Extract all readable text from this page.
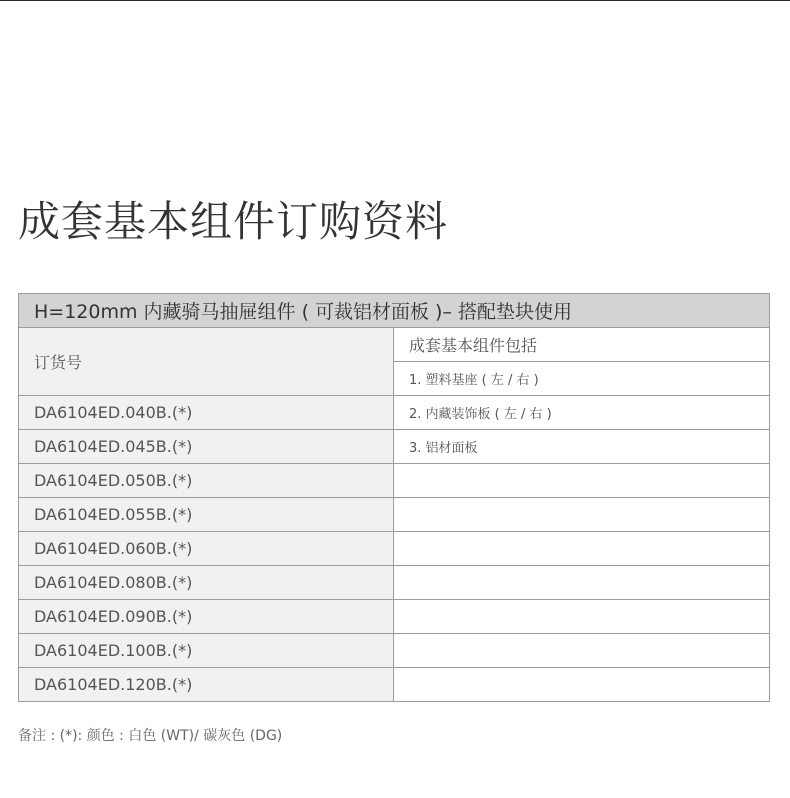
成套基本组件订购资料
H=120mm 内藏骑马抽屉组件 ( 可裁铝材面板 )– 搭配垫块使用	
订货号	成套基本组件包括
	1. 塑料基座 ( 左 / 右 )
DA6104ED.040B.(*)	2. 内藏装饰板 ( 左 / 右 )
DA6104ED.045B.(*)	3. 铝材面板
DA6104ED.050B.(*)	
DA6104ED.055B.(*)	
DA6104ED.060B.(*)	
DA6104ED.080B.(*)	
DA6104ED.090B.(*)	
DA6104ED.100B.(*)	
DA6104ED.120B.(*)	
备注 : (*): 颜色 : 白色 (WT)/ 碳灰色 (DG)
